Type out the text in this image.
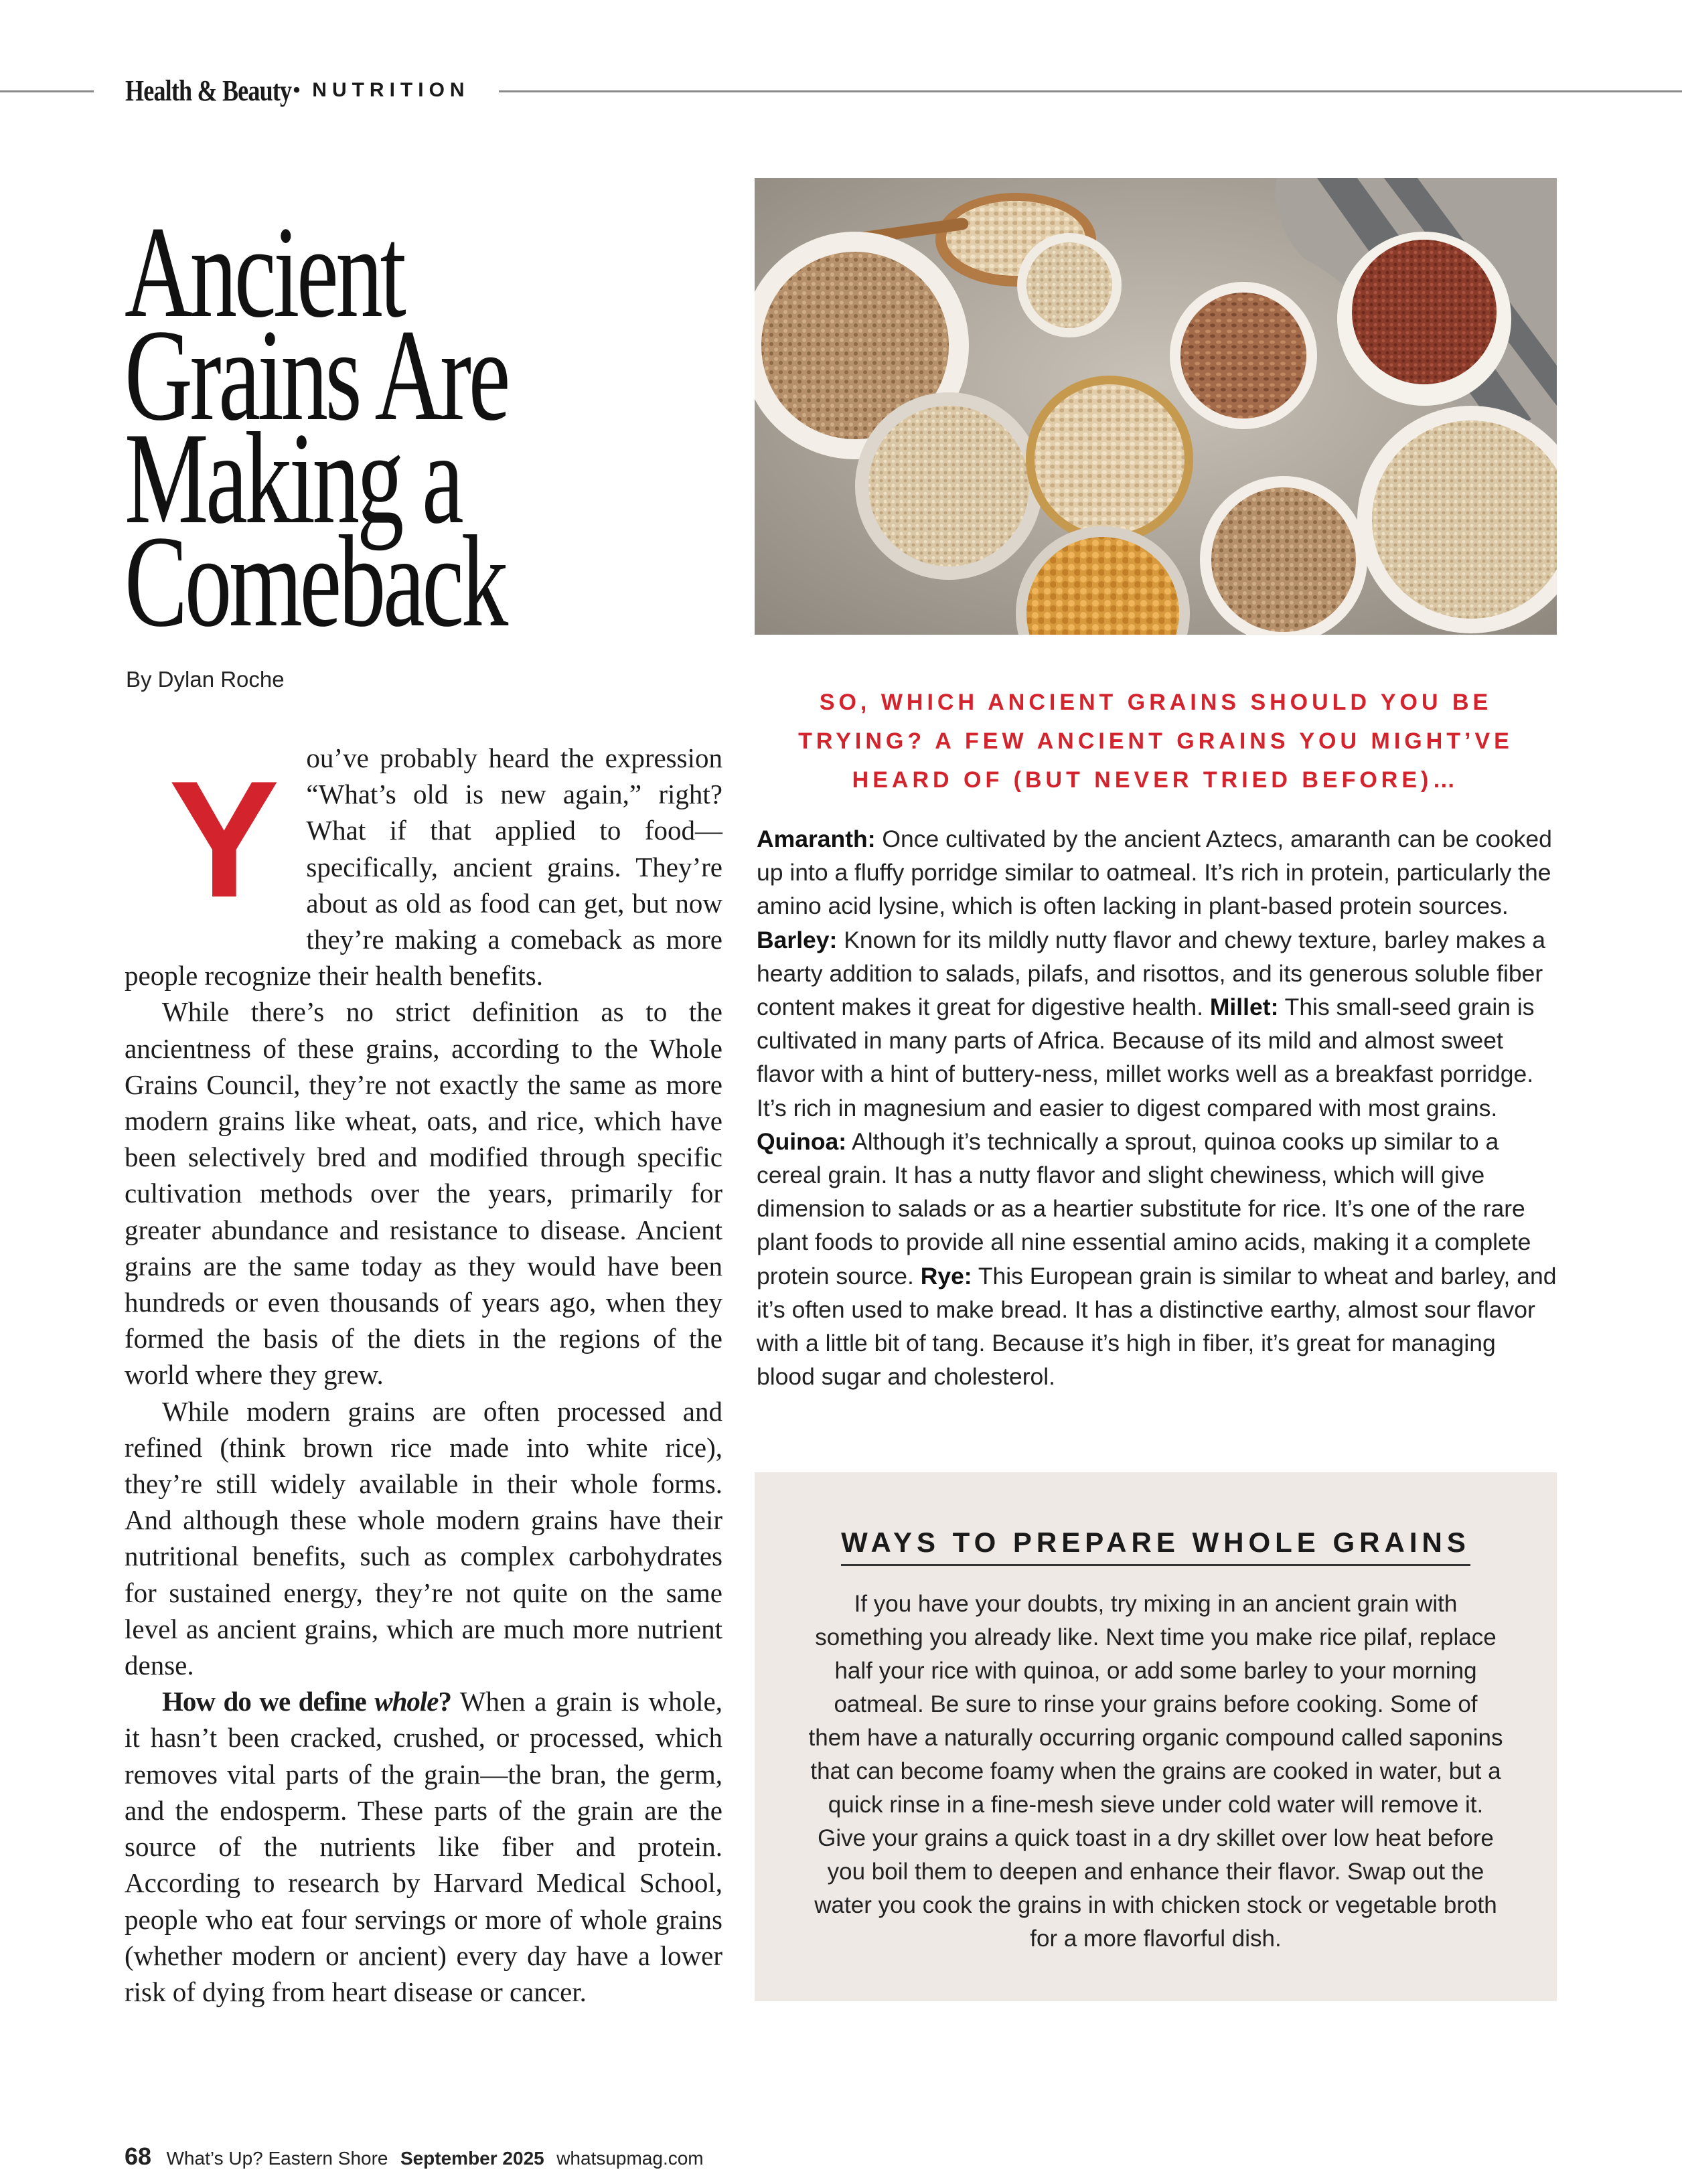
Health & Beauty • NUTRITION
Ancient
Grains Are
Making a
Comeback
By Dylan Roche

You’ve probably heard the expression “What’s old is new again,” right? What if that applied to food—specifically, ancient grains. They’re about as old as food can get, but now they’re making a comeback as more people recognize their health benefits.

While there’s no strict definition as to the ancientness of these grains, according to the Whole Grains Council, they’re not exactly the same as more modern grains like wheat, oats, and rice, which have been selectively bred and modified through specific cultivation methods over the years, primarily for greater abundance and resistance to disease. Ancient grains are the same today as they would have been hundreds or even thousands of years ago, when they formed the basis of the diets in the regions of the world where they grew.

While modern grains are often processed and refined (think brown rice made into white rice), they’re still widely available in their whole forms. And although these whole modern grains have their nutritional benefits, such as complex carbohydrates for sustained energy, they’re not quite on the same level as ancient grains, which are much more nutrient dense.

How do we define whole? When a grain is whole, it hasn’t been cracked, crushed, or processed, which removes vital parts of the grain—the bran, the germ, and the endosperm. These parts of the grain are the source of the nutrients like fiber and protein. According to research by Harvard Medical School, people who eat four servings or more of whole grains (whether modern or ancient) every day have a lower risk of dying from heart disease or cancer.

SO, WHICH ANCIENT GRAINS SHOULD YOU BE TRYING? A FEW ANCIENT GRAINS YOU MIGHT’VE HEARD OF (BUT NEVER TRIED BEFORE)…

Amaranth: Once cultivated by the ancient Aztecs, amaranth can be cooked up into a fluffy porridge similar to oatmeal. It’s rich in protein, particularly the amino acid lysine, which is often lacking in plant-based protein sources. Barley: Known for its mildly nutty flavor and chewy texture, barley makes a hearty addition to salads, pilafs, and risottos, and its generous soluble fiber content makes it great for digestive health. Millet: This small-seed grain is cultivated in many parts of Africa. Because of its mild and almost sweet flavor with a hint of buttery-ness, millet works well as a breakfast porridge. It’s rich in magnesium and easier to digest compared with most grains. Quinoa: Although it’s technically a sprout, quinoa cooks up similar to a cereal grain. It has a nutty flavor and slight chewiness, which will give dimension to salads or as a heartier substitute for rice. It’s one of the rare plant foods to provide all nine essential amino acids, making it a complete protein source. Rye: This European grain is similar to wheat and barley, and it’s often used to make bread. It has a distinctive earthy, almost sour flavor with a little bit of tang. Because it’s high in fiber, it’s great for managing blood sugar and cholesterol.

WAYS TO PREPARE WHOLE GRAINS

If you have your doubts, try mixing in an ancient grain with something you already like. Next time you make rice pilaf, replace half your rice with quinoa, or add some barley to your morning oatmeal. Be sure to rinse your grains before cooking. Some of them have a naturally occurring organic compound called saponins that can become foamy when the grains are cooked in water, but a quick rinse in a fine-mesh sieve under cold water will remove it. Give your grains a quick toast in a dry skillet over low heat before you boil them to deepen and enhance their flavor. Swap out the water you cook the grains in with chicken stock or vegetable broth for a more flavorful dish.

68 What’s Up? Eastern Shore September 2025 whatsupmag.com
